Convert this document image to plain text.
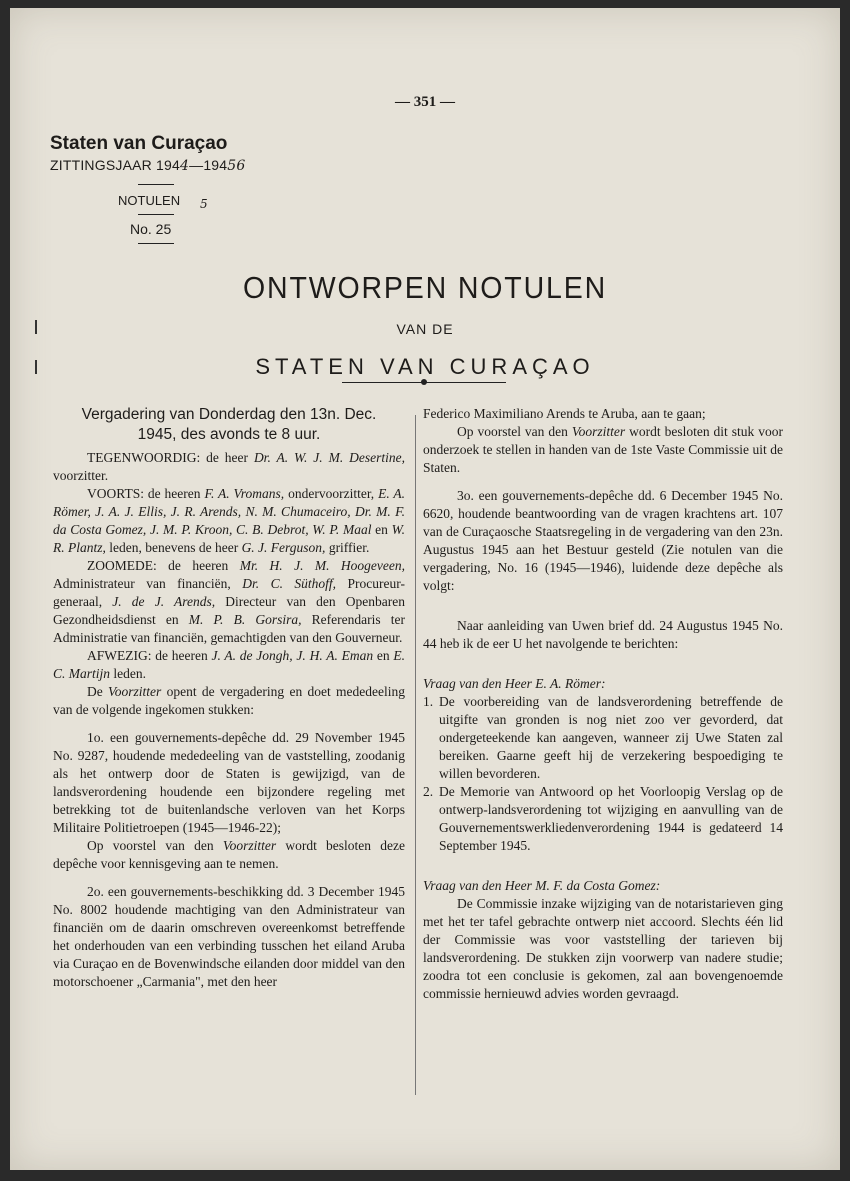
— 351 —
Staten van Curaçao
ZITTINGSJAAR 1944—19456
5
NOTULEN
No. 25
ONTWORPEN NOTULEN
VAN DE
STATEN VAN CURAÇAO

Vergadering van Donderdag den 13n. Dec.
1945, des avonds te 8 uur.

TEGENWOORDIG: de heer Dr. A. W. J. M. Desertine, voorzitter.

VOORTS: de heeren F. A. Vromans, ondervoorzitter, E. A. Römer, J. A. J. Ellis, J. R. Arends, N. M. Chumaceiro, Dr. M. F. da Costa Gomez, J. M. P. Kroon, C. B. Debrot, W. P. Maal en W. R. Plantz, leden, benevens de heer G. J. Ferguson, griffier.

ZOOMEDE: de heeren Mr. H. J. M. Hoogeveen, Administrateur van financiën, Dr. C. Süthoff, Procureur-generaal, J. de J. Arends, Directeur van den Openbaren Gezondheidsdienst en M. P. B. Gorsira, Referendaris ter Administratie van financiën, gemachtigden van den Gouverneur.

AFWEZIG: de heeren J. A. de Jongh, J. H. A. Eman en E. C. Martijn leden.

De Voorzitter opent de vergadering en doet mededeeling van de volgende ingekomen stukken:

1o. een gouvernements-depêche dd. 29 November 1945 No. 9287, houdende mededeeling van de vaststelling, zoodanig als het ontwerp door de Staten is gewijzigd, van de landsverordening houdende een bijzondere regeling met betrekking tot de buitenlandsche verloven van het Korps Militaire Politietroepen (1945—1946-22);

Op voorstel van den Voorzitter wordt besloten deze depêche voor kennisgeving aan te nemen.

2o. een gouvernements-beschikking dd. 3 December 1945 No. 8002 houdende machtiging van den Administrateur van financiën om de daarin omschreven overeenkomst betreffende het onderhouden van een verbinding tusschen het eiland Aruba via Curaçao en de Bovenwindsche eilanden door middel van den motorschoener „Carmania", met den heer

Federico Maximiliano Arends te Aruba, aan te gaan;

Op voorstel van den Voorzitter wordt besloten dit stuk voor onderzoek te stellen in handen van de 1ste Vaste Commissie uit de Staten.

3o. een gouvernements-depêche dd. 6 December 1945 No. 6620, houdende beantwoording van de vragen krachtens art. 107 van de Curaçaosche Staatsregeling in de vergadering van den 23n. Augustus 1945 aan het Bestuur gesteld (Zie notulen van die vergadering, No. 16 (1945—1946), luidende deze depêche als volgt:

Naar aanleiding van Uwen brief dd. 24 Augustus 1945 No. 44 heb ik de eer U het navolgende te berichten:

Vraag van den Heer E. A. Römer:

1. De voorbereiding van de landsverordening betreffende de uitgifte van gronden is nog niet zoo ver gevorderd, dat ondergeteekende kan aangeven, wanneer zij Uwe Staten zal bereiken. Gaarne geeft hij de verzekering bespoediging te willen bevorderen.
2. De Memorie van Antwoord op het Voorloopig Verslag op de ontwerp-landsverordening tot wijziging en aanvulling van de Gouvernementswerkliedenverordening 1944 is gedateerd 14 September 1945.

Vraag van den Heer M. F. da Costa Gomez:

De Commissie inzake wijziging van de notaristarieven ging met het ter tafel gebrachte ontwerp niet accoord. Slechts één lid der Commissie was voor vaststelling der tarieven bij landsverordening. De stukken zijn voorwerp van nadere studie; zoodra tot een conclusie is gekomen, zal aan bovengenoemde commissie hernieuwd advies worden gevraagd.
